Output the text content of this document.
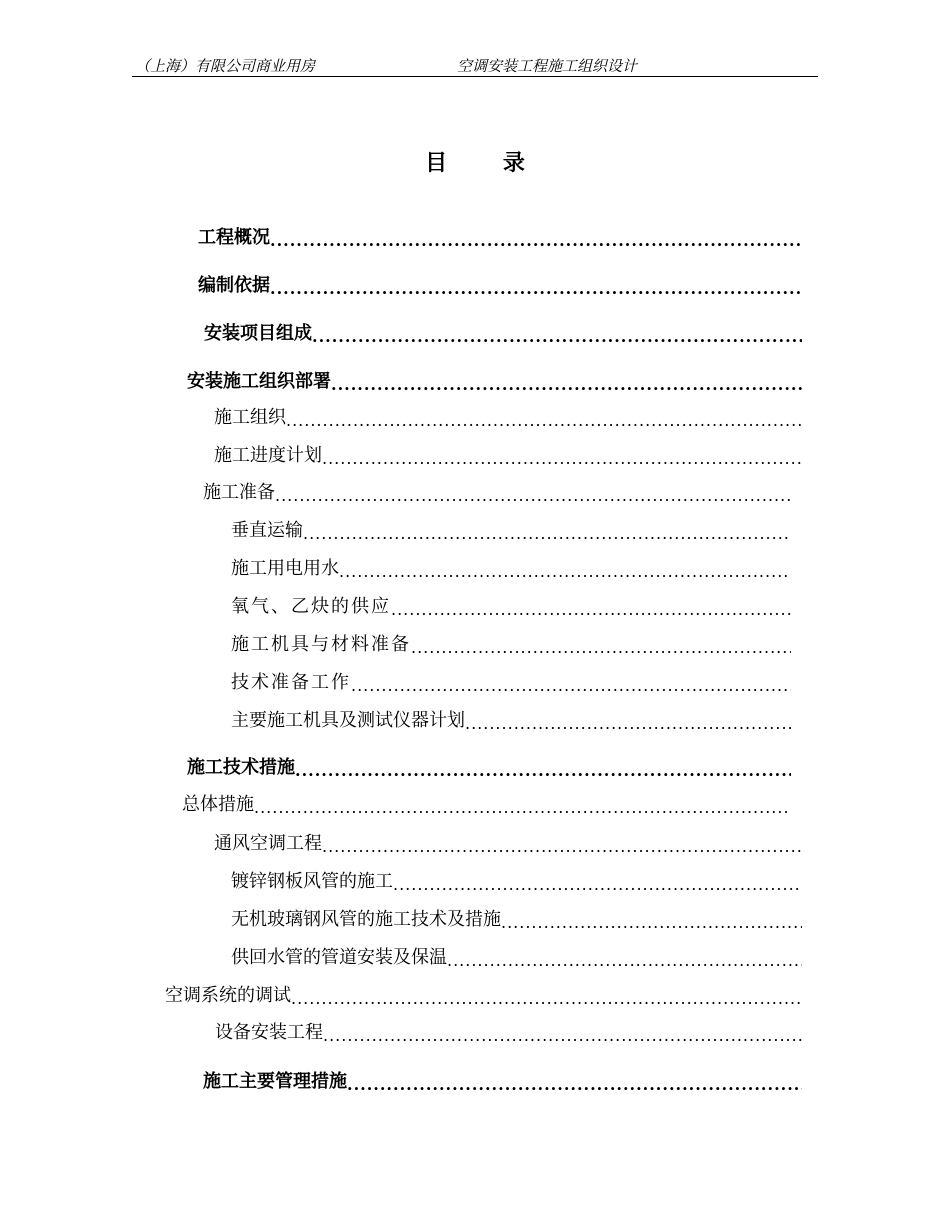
（上海）有限公司商业用房	空调安装工程施工组织设计
目 录
工程概况
.....
编制依据
.....
安装项目组成
.....
安装施工组织部署
.....
施工组织
.....
施工进度计划
.....
施工准备
.....
垂直运输
.....
施工用电用水
.....
氧气、乙炔的供应
.....
施工机具与材料准备
.....
技术准备工作
.....
主要施工机具及测试仪器计划
.....
施工技术措施
.....
总体措施
.....
通风空调工程
.....
镀锌钢板风管的施工
.....
无机玻璃钢风管的施工技术及措施
.....
供回水管的管道安装及保温
.....
空调系统的调试
.....
设备安装工程
.....
施工主要管理措施
.....
